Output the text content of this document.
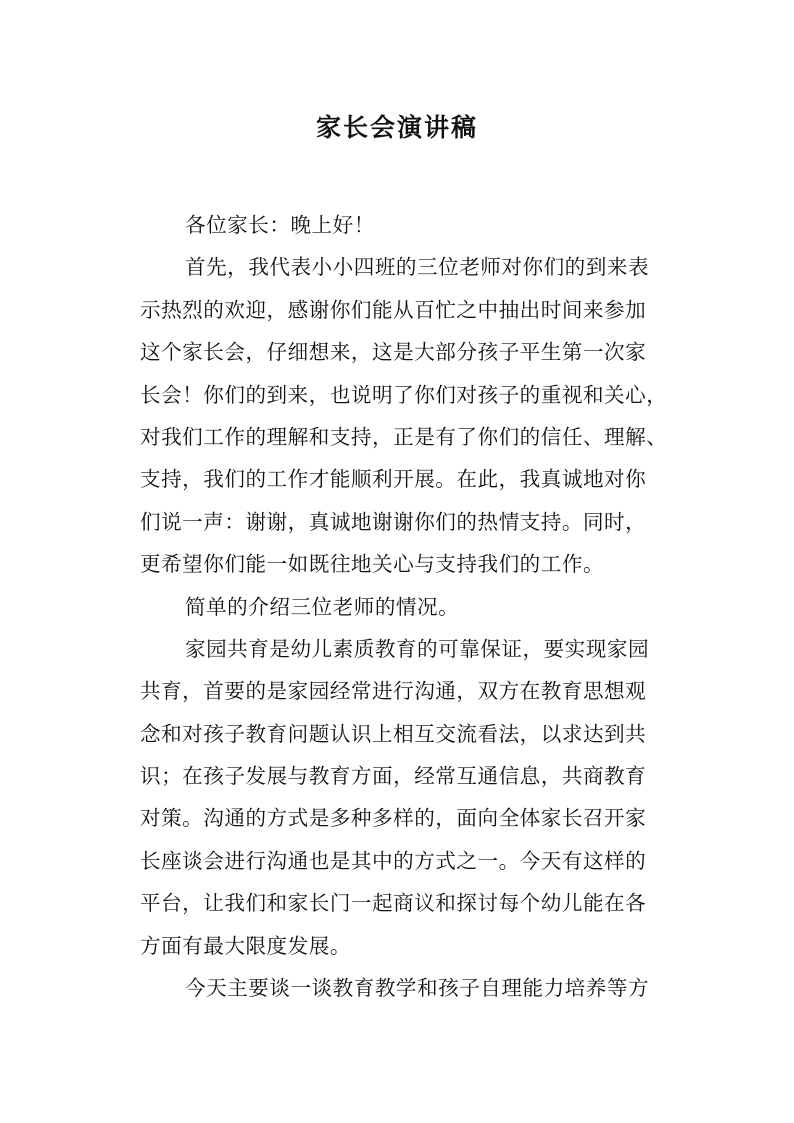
家长会演讲稿
各位家长：晚上好！
首先，我代表小小四班的三位老师对你们的到来表
示热烈的欢迎，感谢你们能从百忙之中抽出时间来参加
这个家长会，仔细想来，这是大部分孩子平生第一次家
长会！你们的到来，也说明了你们对孩子的重视和关心，
对我们工作的理解和支持，正是有了你们的信任、理解、
支持，我们的工作才能顺利开展。在此，我真诚地对你
们说一声：谢谢，真诚地谢谢你们的热情支持。同时，
更希望你们能一如既往地关心与支持我们的工作。
简单的介绍三位老师的情况。
家园共育是幼儿素质教育的可靠保证，要实现家园
共育，首要的是家园经常进行沟通，双方在教育思想观
念和对孩子教育问题认识上相互交流看法，以求达到共
识；在孩子发展与教育方面，经常互通信息，共商教育
对策。沟通的方式是多种多样的，面向全体家长召开家
长座谈会进行沟通也是其中的方式之一。今天有这样的
平台，让我们和家长门一起商议和探讨每个幼儿能在各
方面有最大限度发展。
今天主要谈一谈教育教学和孩子自理能力培养等方
